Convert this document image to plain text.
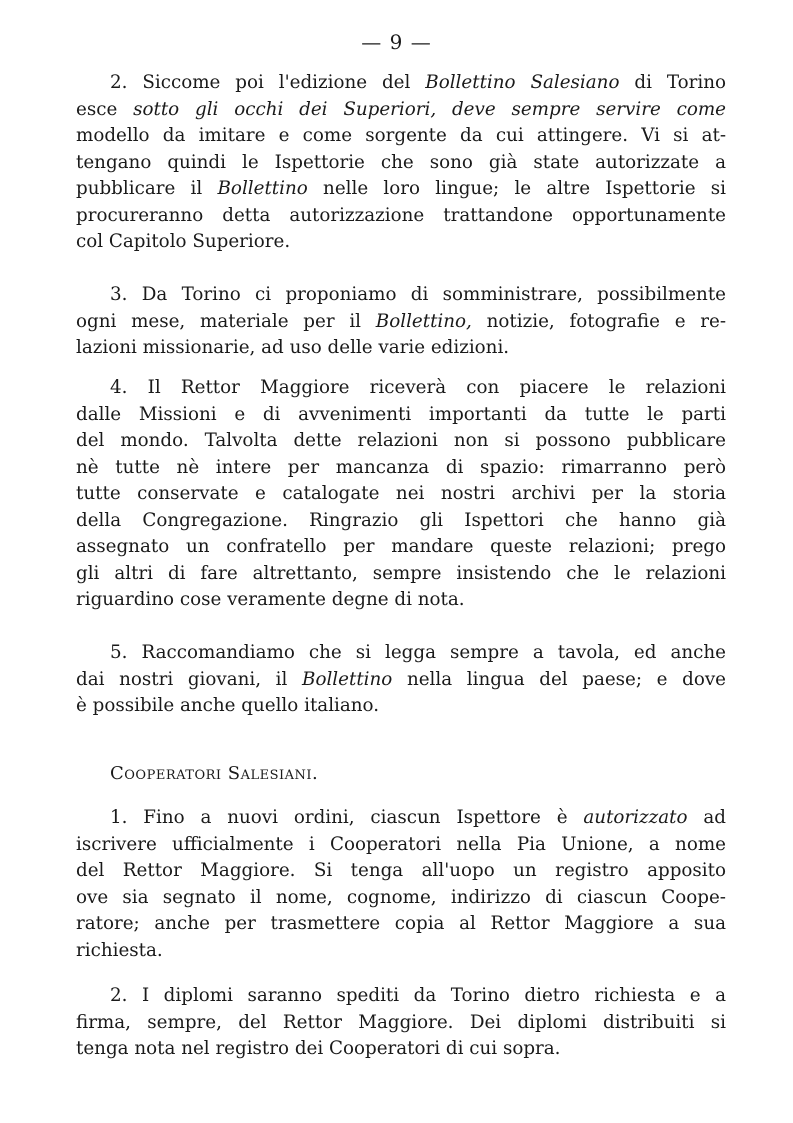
— 9 —
2. Siccome poi l'edizione del Bollettino Salesiano di Torino
esce sotto gli occhi dei Superiori, deve sempre servire come
modello da imitare e come sorgente da cui attingere. Vi si at-
tengano quindi le Ispettorie che sono già state autorizzate a
pubblicare il Bollettino nelle loro lingue; le altre Ispettorie si
procureranno detta autorizzazione trattandone opportunamente
col Capitolo Superiore.
3. Da Torino ci proponiamo di somministrare, possibilmente
ogni mese, materiale per il Bollettino, notizie, fotografie e re-
lazioni missionarie, ad uso delle varie edizioni.
4. Il Rettor Maggiore riceverà con piacere le relazioni
dalle Missioni e di avvenimenti importanti da tutte le parti
del mondo. Talvolta dette relazioni non si possono pubblicare
nè tutte nè intere per mancanza di spazio: rimarranno però
tutte conservate e catalogate nei nostri archivi per la storia
della Congregazione. Ringrazio gli Ispettori che hanno già
assegnato un confratello per mandare queste relazioni; prego
gli altri di fare altrettanto, sempre insistendo che le relazioni
riguardino cose veramente degne di nota.
5. Raccomandiamo che si legga sempre a tavola, ed anche
dai nostri giovani, il Bollettino nella lingua del paese; e dove
è possibile anche quello italiano.
Cooperatori Salesiani.
1. Fino a nuovi ordini, ciascun Ispettore è autorizzato ad
iscrivere ufficialmente i Cooperatori nella Pia Unione, a nome
del Rettor Maggiore. Si tenga all'uopo un registro apposito
ove sia segnato il nome, cognome, indirizzo di ciascun Coope-
ratore; anche per trasmettere copia al Rettor Maggiore a sua
richiesta.
2. I diplomi saranno spediti da Torino dietro richiesta e a
firma, sempre, del Rettor Maggiore. Dei diplomi distribuiti si
tenga nota nel registro dei Cooperatori di cui sopra.
